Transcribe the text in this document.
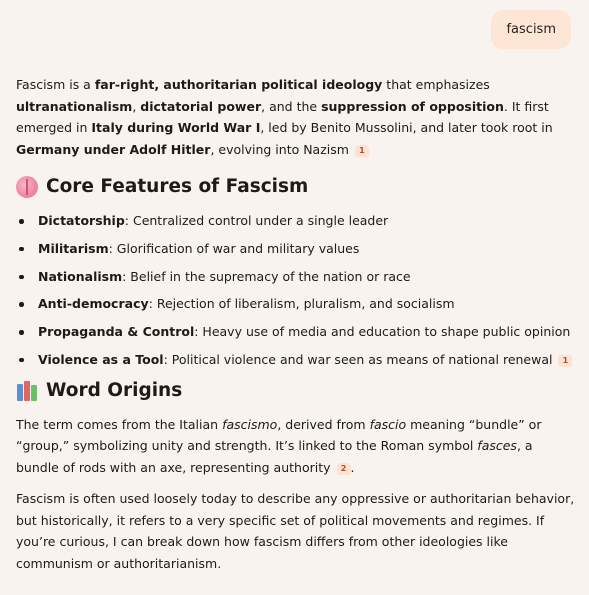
fascism

Fascism is a far-right, authoritarian political ideology that emphasizes ultranationalism, dictatorial power, and the suppression of opposition. It first emerged in Italy during World War I, led by Benito Mussolini, and later took root in Germany under Adolf Hitler, evolving into Nazism 1

Core Features of Fascism
Dictatorship: Centralized control under a single leader
Militarism: Glorification of war and military values
Nationalism: Belief in the supremacy of the nation or race
Anti-democracy: Rejection of liberalism, pluralism, and socialism
Propaganda & Control: Heavy use of media and education to shape public opinion
Violence as a Tool: Political violence and war seen as means of national renewal 1
Word Origins

The term comes from the Italian fascismo, derived from fascio meaning “bundle” or “group,” symbolizing unity and strength. It’s linked to the Roman symbol fasces, a bundle of rods with an axe, representing authority 2 .

Fascism is often used loosely today to describe any oppressive or authoritarian behavior, but historically, it refers to a very specific set of political movements and regimes. If you’re curious, I can break down how fascism differs from other ideologies like communism or authoritarianism.
